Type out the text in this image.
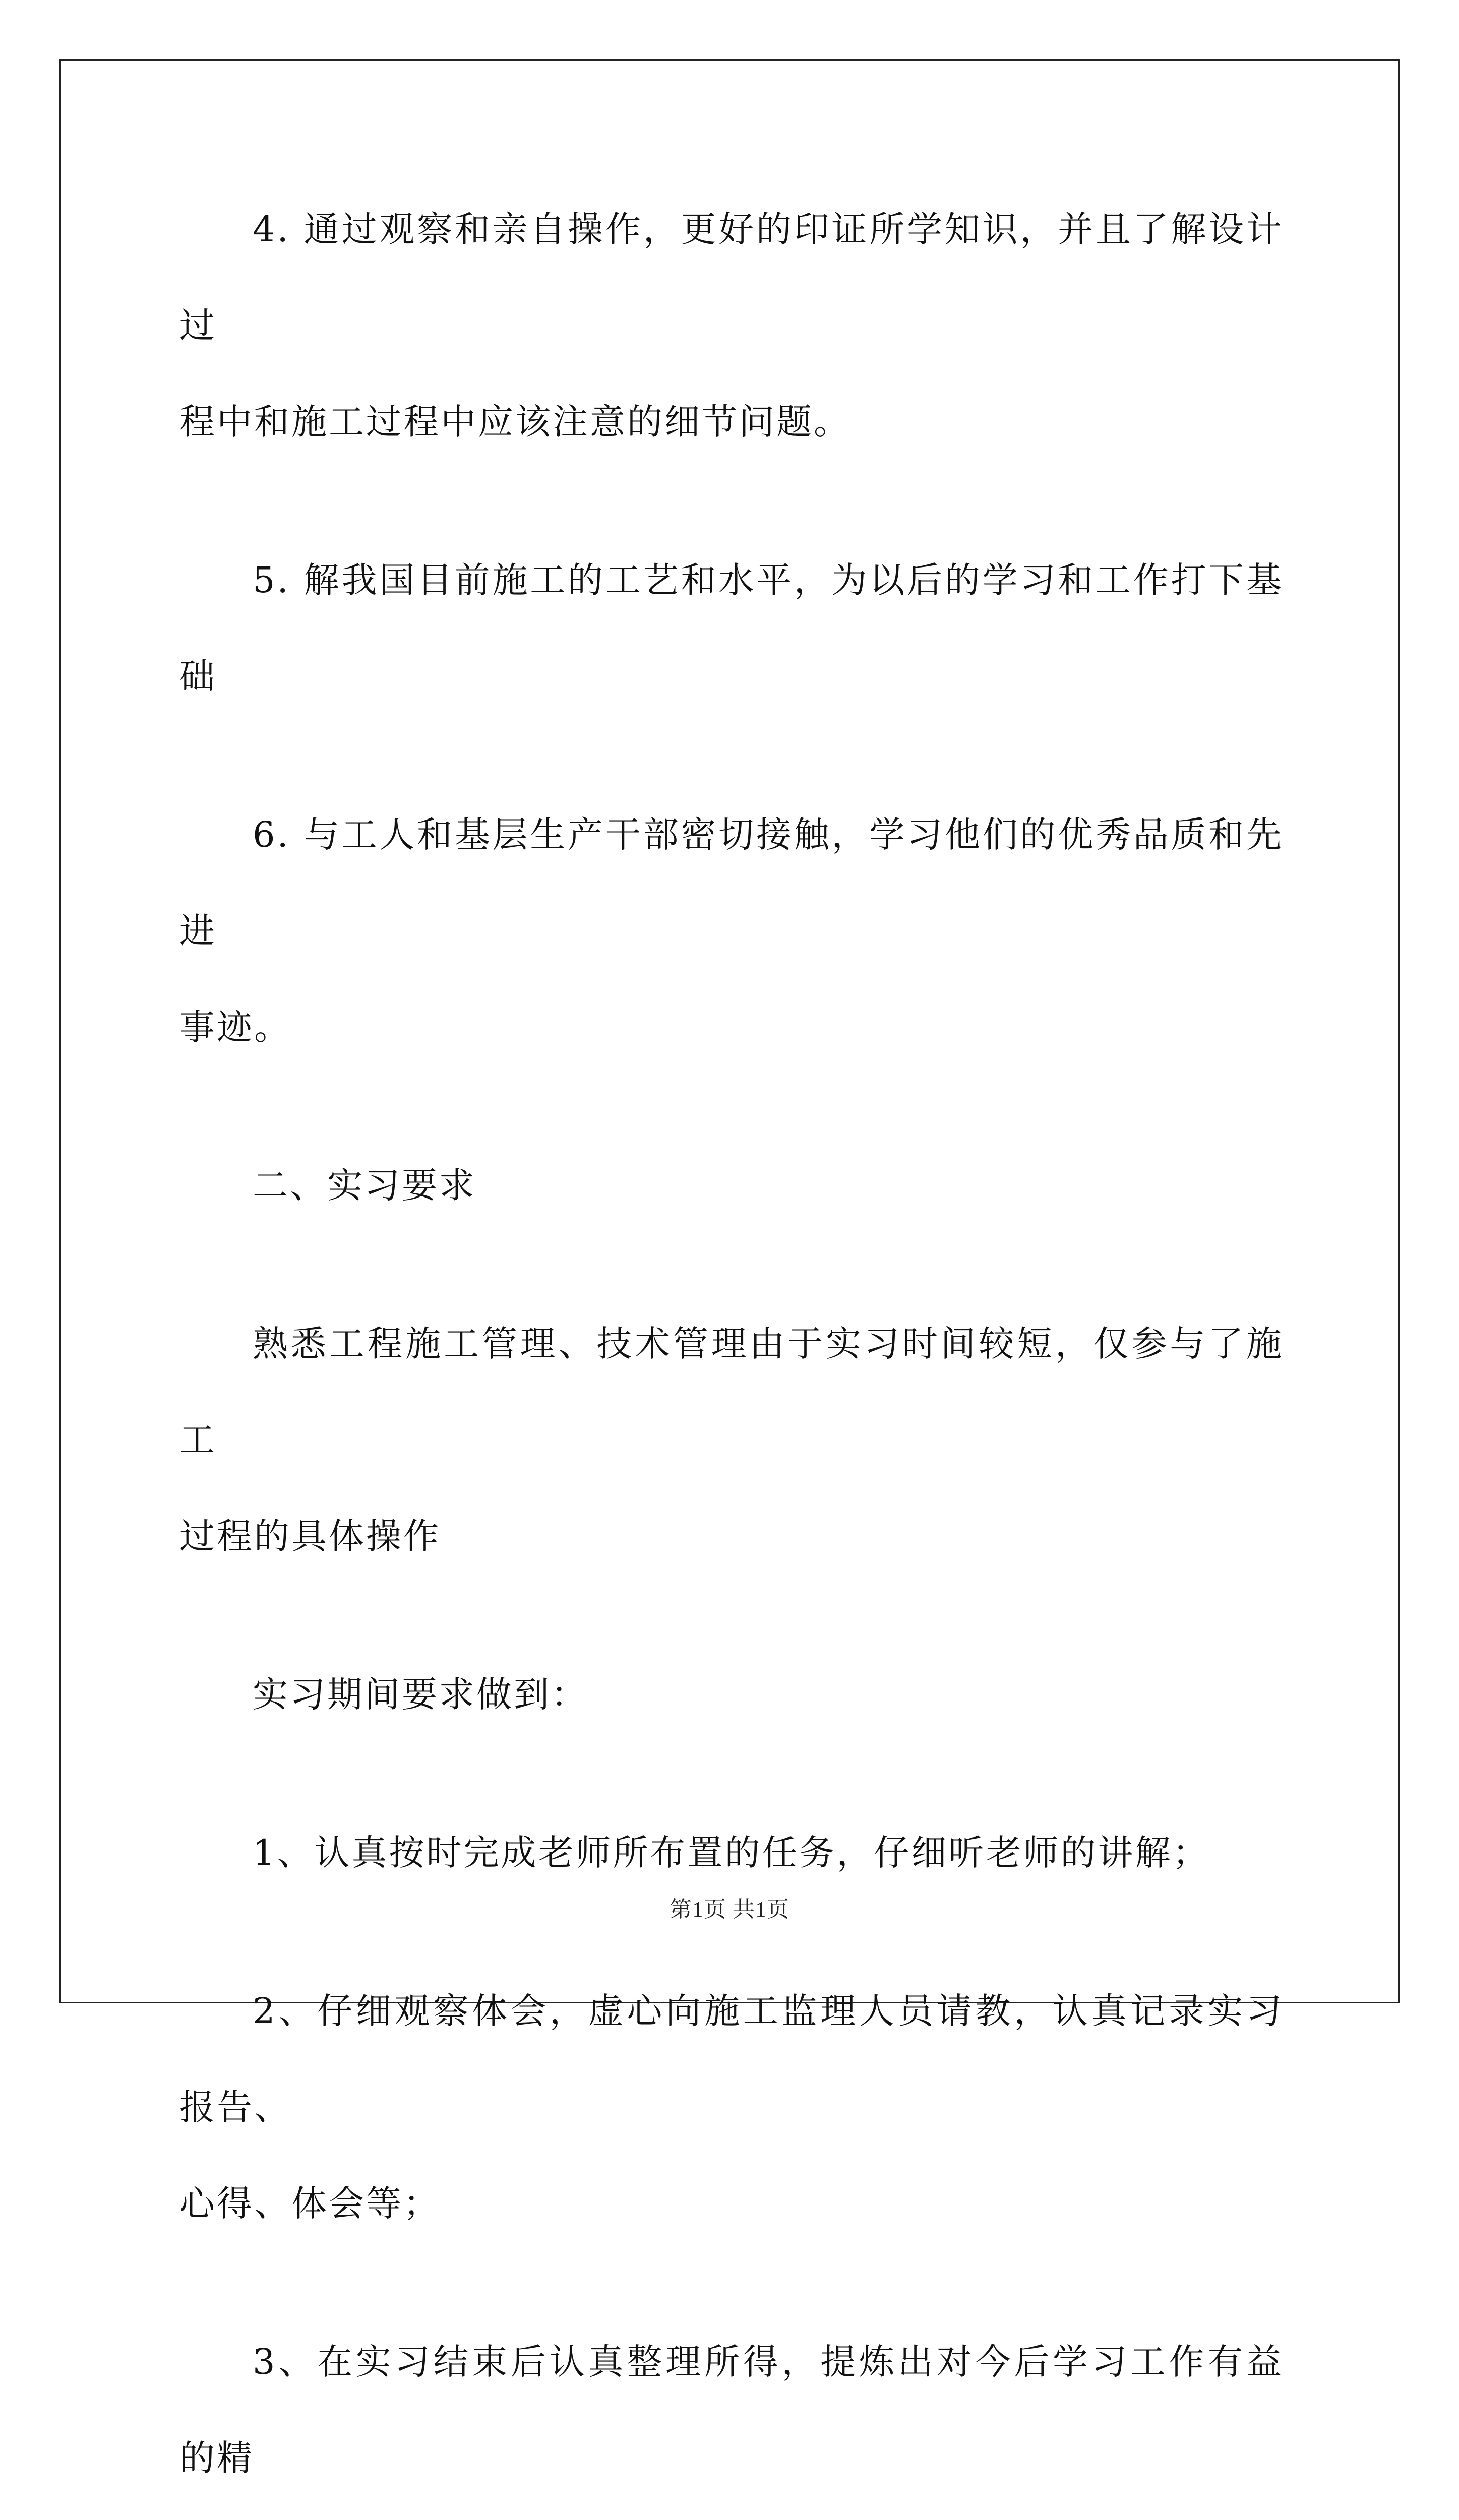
4. 通过观察和亲自操作，更好的印证所学知识，并且了解设计过
程中和施工过程中应该注意的细节问题。
5. 解我国目前施工的工艺和水平，为以后的学习和工作打下基础
6. 与工人和基层生产干部密切接触，学习他们的优秀品质和先进
事迹。
二、实习要求
熟悉工程施工管理、技术管理由于实习时间较短，仅参与了施工
过程的具体操作
实习期间要求做到：
1、认真按时完成老师所布置的任务，仔细听老师的讲解；
2、仔细观察体会，虚心向施工监理人员请教，认真记录实习报告、
心得、体会等；
3、在实习结束后认真整理所得，提炼出对今后学习工作有益的精
第1页 共1页
